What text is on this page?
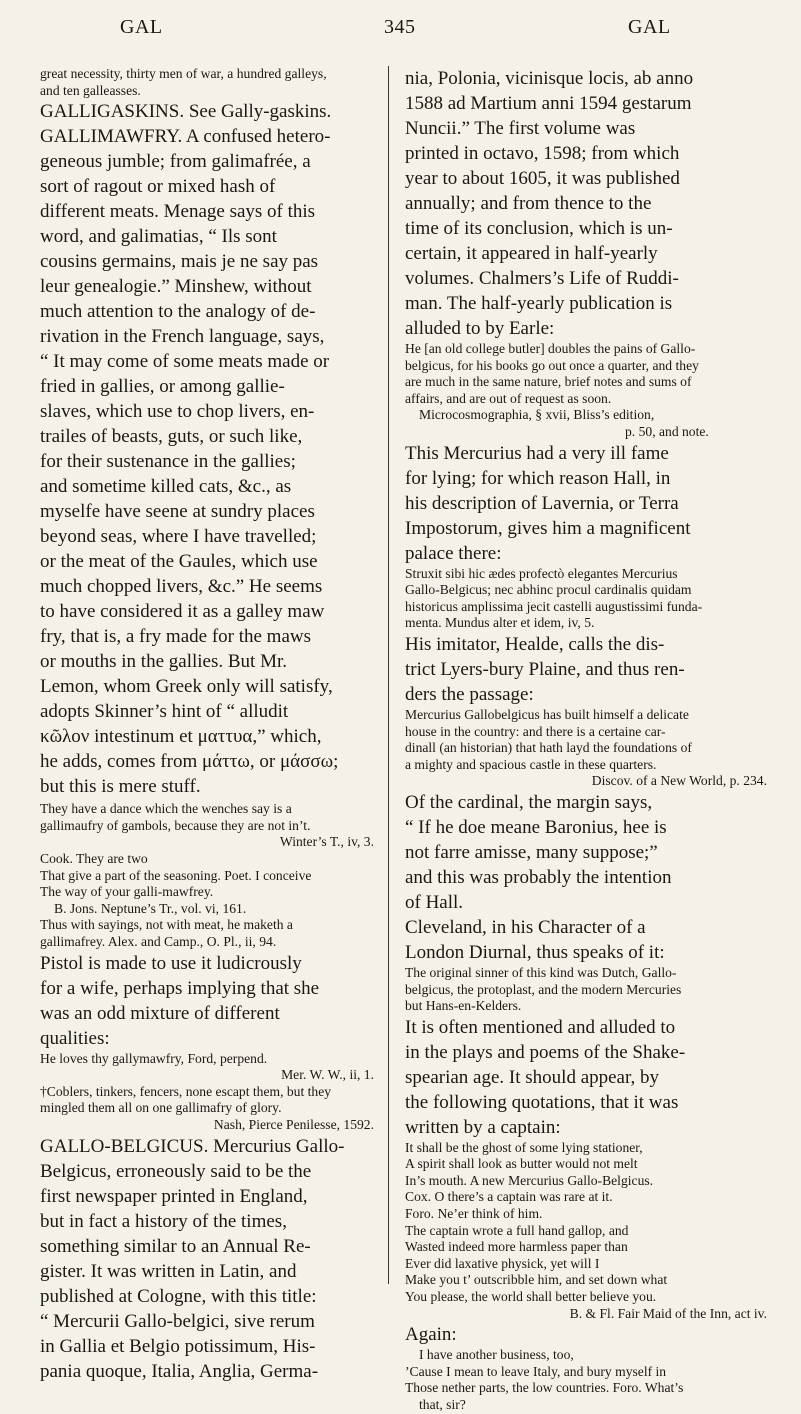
GAL	345	GAL

great necessity, thirty men of war, a hundred galleys,

and ten galleasses.

GALLIGASKINS. See Gally-gaskins.

GALLIMAWFRY. A confused hetero-

geneous jumble; from galimafrée, a

sort of ragout or mixed hash of

different meats. Menage says of this

word, and galimatias, “ Ils sont

cousins germains, mais je ne say pas

leur genealogie.” Minshew, without

much attention to the analogy of de-

rivation in the French language, says,

“ It may come of some meats made or

fried in gallies, or among gallie-

slaves, which use to chop livers, en-

trailes of beasts, guts, or such like,

for their sustenance in the gallies;

and sometime killed cats, &c., as

myselfe have seene at sundry places

beyond seas, where I have travelled;

or the meat of the Gaules, which use

much chopped livers, &c.” He seems

to have considered it as a galley maw

fry, that is, a fry made for the maws

or mouths in the gallies. But Mr.

Lemon, whom Greek only will satisfy,

adopts Skinner’s hint of “ alludit

κῶλον intestinum et ματτυα,” which,

he adds, comes from μάττω, or μάσσω;

but this is mere stuff.

They have a dance which the wenches say is a

gallimaufry of gambols, because they are not in’t.

Winter’s T., iv, 3.

Cook. They are two

That give a part of the seasoning. Poet. I conceive

The way of your galli-mawfrey.

B. Jons. Neptune’s Tr., vol. vi, 161.

Thus with sayings, not with meat, he maketh a

gallimafrey. Alex. and Camp., O. Pl., ii, 94.

Pistol is made to use it ludicrously

for a wife, perhaps implying that she

was an odd mixture of different

qualities:

He loves thy gallymawfry, Ford, perpend.

Mer. W. W., ii, 1.

†Coblers, tinkers, fencers, none escapt them, but they

mingled them all on one gallimafry of glory.

Nash, Pierce Penilesse, 1592.

GALLO-BELGICUS. Mercurius Gallo-

Belgicus, erroneously said to be the

first newspaper printed in England,

but in fact a history of the times,

something similar to an Annual Re-

gister. It was written in Latin, and

published at Cologne, with this title:

“ Mercurii Gallo-belgici, sive rerum

in Gallia et Belgio potissimum, His-

pania quoque, Italia, Anglia, Germa-

nia, Polonia, vicinisque locis, ab anno

1588 ad Martium anni 1594 gestarum

Nuncii.” The first volume was

printed in octavo, 1598; from which

year to about 1605, it was published

annually; and from thence to the

time of its conclusion, which is un-

certain, it appeared in half-yearly

volumes. Chalmers’s Life of Ruddi-

man. The half-yearly publication is

alluded to by Earle:

He [an old college butler] doubles the pains of Gallo-

belgicus, for his books go out once a quarter, and they

are much in the same nature, brief notes and sums of

affairs, and are out of request as soon.

Microcosmographia, § xvii, Bliss’s edition,

p. 50, and note.

This Mercurius had a very ill fame

for lying; for which reason Hall, in

his description of Lavernia, or Terra

Impostorum, gives him a magnificent

palace there:

Struxit sibi hic ædes profectò elegantes Mercurius

Gallo-Belgicus; nec abhinc procul cardinalis quidam

historicus amplissima jecit castelli augustissimi funda-

menta. Mundus alter et idem, iv, 5.

His imitator, Healde, calls the dis-

trict Lyers-bury Plaine, and thus ren-

ders the passage:

Mercurius Gallobelgicus has built himself a delicate

house in the country: and there is a certaine car-

dinall (an historian) that hath layd the foundations of

a mighty and spacious castle in these quarters.

Discov. of a New World, p. 234.

Of the cardinal, the margin says,

“ If he doe meane Baronius, hee is

not farre amisse, many suppose;”

and this was probably the intention

of Hall.

Cleveland, in his Character of a

London Diurnal, thus speaks of it:

The original sinner of this kind was Dutch, Gallo-

belgicus, the protoplast, and the modern Mercuries

but Hans-en-Kelders.

It is often mentioned and alluded to

in the plays and poems of the Shake-

spearian age. It should appear, by

the following quotations, that it was

written by a captain:

It shall be the ghost of some lying stationer,

A spirit shall look as butter would not melt

In’s mouth. A new Mercurius Gallo-Belgicus.

Cox. O there’s a captain was rare at it.

Foro. Ne’er think of him.

The captain wrote a full hand gallop, and

Wasted indeed more harmless paper than

Ever did laxative physick, yet will I

Make you t’ outscribble him, and set down what

You please, the world shall better believe you.

B. & Fl. Fair Maid of the Inn, act iv.

Again:

I have another business, too,

’Cause I mean to leave Italy, and bury myself in

Those nether parts, the low countries. Foro. What’s

that, sir?
